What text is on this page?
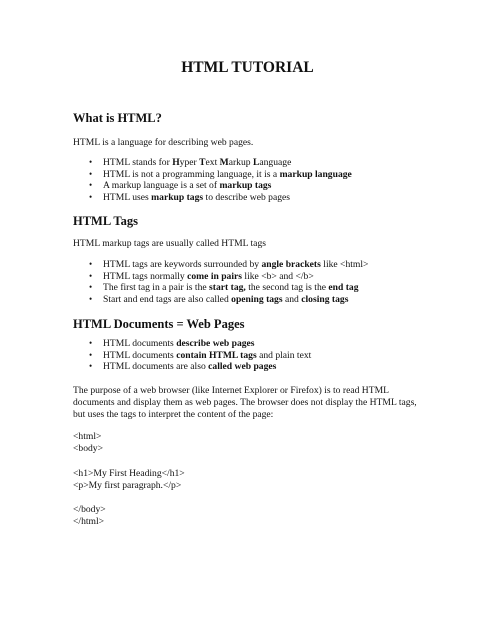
HTML TUTORIAL
What is HTML?

HTML is a language for describing web pages.

• HTML stands for Hyper Text Markup Language
• HTML is not a programming language, it is a markup language
• A markup language is a set of markup tags
• HTML uses markup tags to describe web pages
HTML Tags

HTML markup tags are usually called HTML tags

• HTML tags are keywords surrounded by angle brackets like <html>
• HTML tags normally come in pairs like <b> and </b>
• The first tag in a pair is the start tag, the second tag is the end tag
• Start and end tags are also called opening tags and closing tags
HTML Documents = Web Pages
• HTML documents describe web pages
• HTML documents contain HTML tags and plain text
• HTML documents are also called web pages
The purpose of a web browser (like Internet Explorer or Firefox) is to read HTML
documents and display them as web pages. The browser does not display the HTML tags,
but uses the tags to interpret the content of the page:
<html>
<body>

<h1>My First Heading</h1>
<p>My first paragraph.</p>

</body>
</html>
